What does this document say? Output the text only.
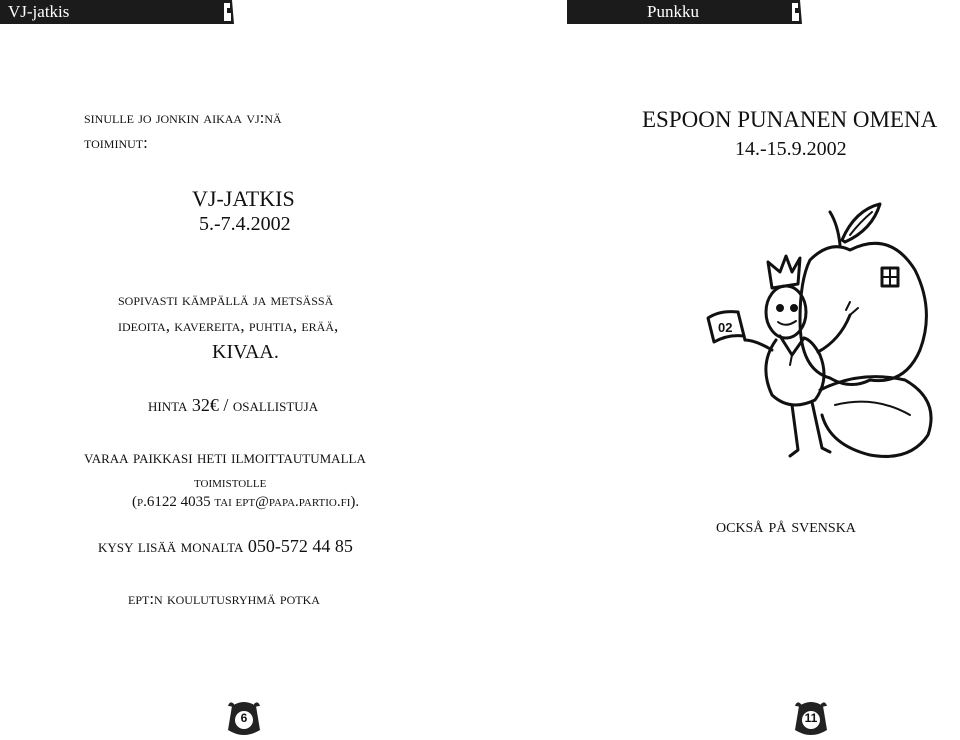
VJ-jatkis	Punkku
sinulle jo jonkin aikaa vj:nä
toiminut:
VJ-JATKIS
5.-7.4.2002
sopivasti kämpällä ja metsässä
ideoita, kavereita, puhtia, erää,
KIVAA.
hinta 32€ / osallistuja
varaa paikkasi heti ilmoittautumalla
toimistolle
(p.6122 4035 tai ept@papa.partio.fi).
kysy lisää monalta 050-572 44 85
ept:n koulutusryhmä potka
6
ESPOON PUNANEN OMENA
14.-15.9.2002
02
också på svenska
11
